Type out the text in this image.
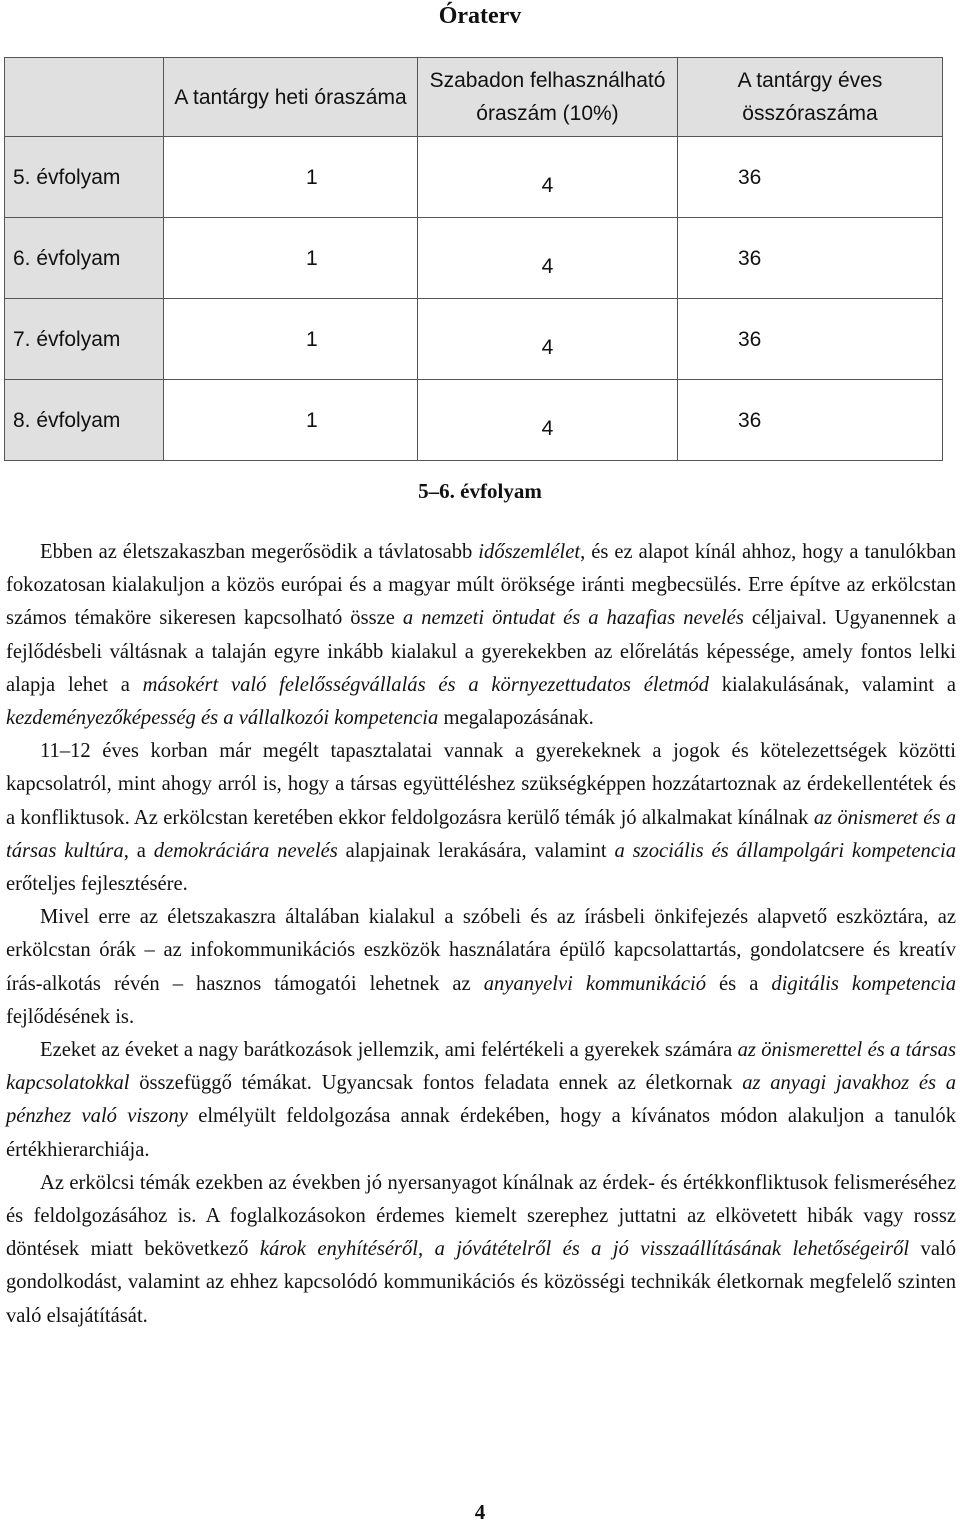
Óraterv
	A tantárgy heti óraszáma	Szabadon felhasználható óraszám (10%)	A tantárgy éves összóraszáma
5. évfolyam	1	4	36
6. évfolyam	1	4	36
7. évfolyam	1	4	36
8. évfolyam	1	4	36
5–6. évfolyam

Ebben az életszakaszban megerősödik a távlatosabb időszemlélet, és ez alapot kínál ahhoz, hogy a tanulókban fokozatosan kialakuljon a közös európai és a magyar múlt öröksége iránti megbecsülés. Erre építve az erkölcstan számos témaköre sikeresen kapcsolható össze a nemzeti öntudat és a hazafias nevelés céljaival. Ugyanennek a fejlődésbeli váltásnak a talaján egyre inkább kialakul a gyerekekben az előrelátás képessége, amely fontos lelki alapja lehet a másokért való felelősségvállalás és a környezettudatos életmód kialakulásának, valamint a kezdeményezőképesség és a vállalkozói kompetencia megalapozásának.

11–12 éves korban már megélt tapasztalatai vannak a gyerekeknek a jogok és kötelezettségek közötti kapcsolatról, mint ahogy arról is, hogy a társas együttéléshez szükségképpen hozzátartoznak az érdekellentétek és a konfliktusok. Az erkölcstan keretében ekkor feldolgozásra kerülő témák jó alkalmakat kínálnak az önismeret és a társas kultúra, a demokráciára nevelés alapjainak lerakására, valamint a szociális és állampolgári kompetencia erőteljes fejlesztésére.

Mivel erre az életszakaszra általában kialakul a szóbeli és az írásbeli önkifejezés alapvető eszköztára, az erkölcstan órák – az infokommunikációs eszközök használatára épülő kapcsolattartás, gondolatcsere és kreatív írás-alkotás révén – hasznos támogatói lehetnek az anyanyelvi kommunikáció és a digitális kompetencia fejlődésének is.

Ezeket az éveket a nagy barátkozások jellemzik, ami felértékeli a gyerekek számára az önismerettel és a társas kapcsolatokkal összefüggő témákat. Ugyancsak fontos feladata ennek az életkornak az anyagi javakhoz és a pénzhez való viszony elmélyült feldolgozása annak érdekében, hogy a kívánatos módon alakuljon a tanulók értékhierarchiája.

Az erkölcsi témák ezekben az években jó nyersanyagot kínálnak az érdek- és értékkonfliktusok felismeréséhez és feldolgozásához is. A foglalkozásokon érdemes kiemelt szerephez juttatni az elkövetett hibák vagy rossz döntések miatt bekövetkező károk enyhítéséről, a jóvátételről és a jó visszaállításának lehetőségeiről való gondolkodást, valamint az ehhez kapcsolódó kommunikációs és közösségi technikák életkornak megfelelő szinten való elsajátítását.

4
